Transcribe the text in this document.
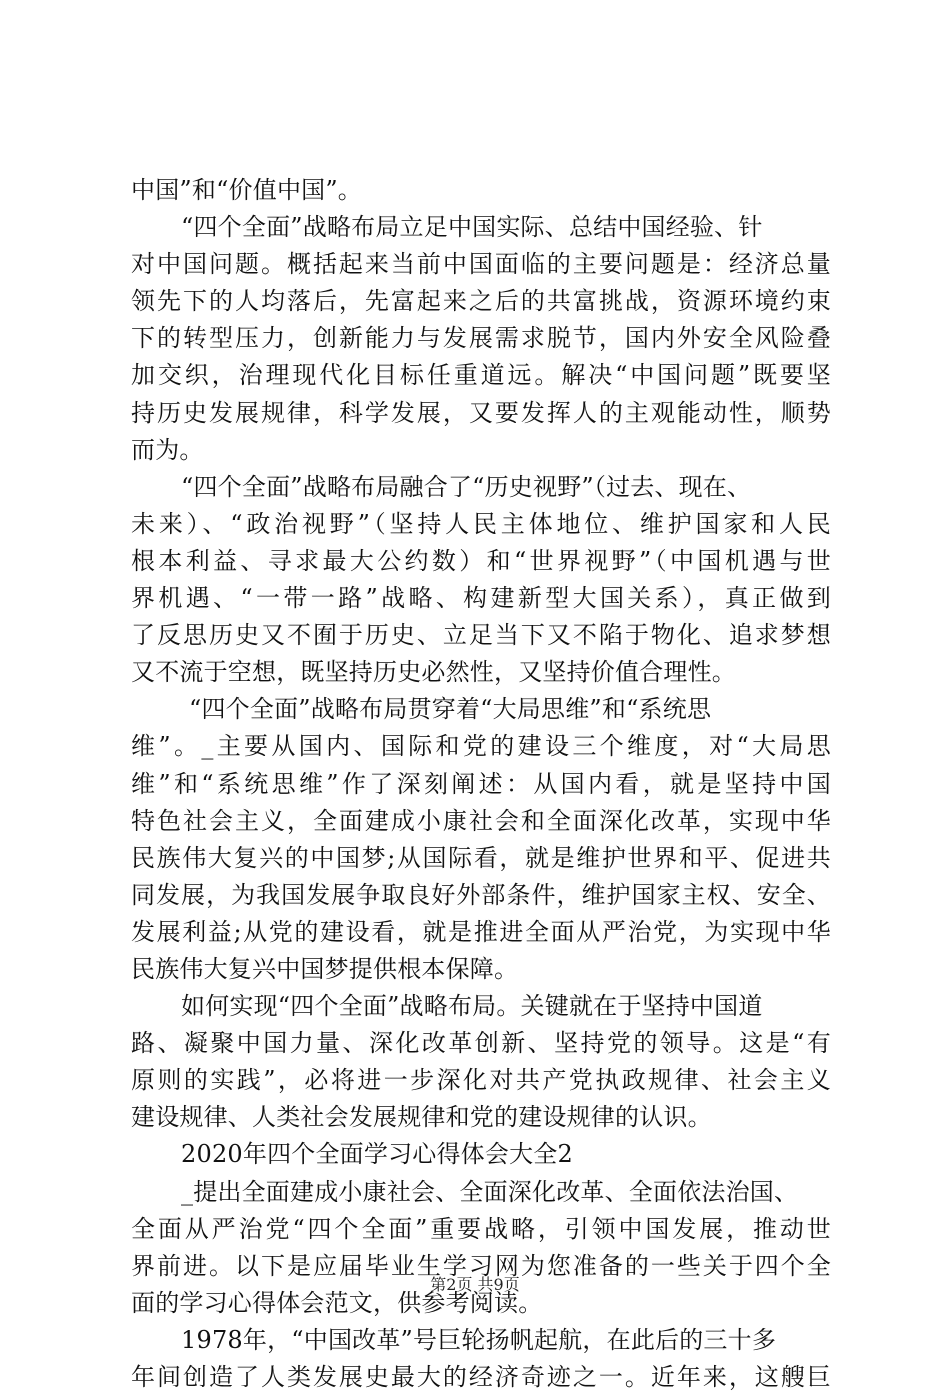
中国”和“价值中国”。
“四个全面”战略布局立足中国实际、总结中国经验、针
对中国问题。概括起来当前中国面临的主要问题是：经济总量
领先下的人均落后，先富起来之后的共富挑战，资源环境约束
下的转型压力，创新能力与发展需求脱节，国内外安全风险叠
加交织，治理现代化目标任重道远。解决“中国问题”既要坚
持历史发展规律，科学发展，又要发挥人的主观能动性，顺势
而为。
“四个全面”战略布局融合了“历史视野”（过去、现在、
未来）、“政治视野”（坚持人民主体地位、维护国家和人民
根本利益、寻求最大公约数）和“世界视野”（中国机遇与世
界机遇、“一带一路”战略、构建新型大国关系），真正做到
了反思历史又不囿于历史、立足当下又不陷于物化、追求梦想
又不流于空想，既坚持历史必然性，又坚持价值合理性。
“四个全面”战略布局贯穿着“大局思维”和“系统思
维”。_主要从国内、国际和党的建设三个维度，对“大局思
维”和“系统思维”作了深刻阐述：从国内看，就是坚持中国
特色社会主义，全面建成小康社会和全面深化改革，实现中华
民族伟大复兴的中国梦;从国际看，就是维护世界和平、促进共
同发展，为我国发展争取良好外部条件，维护国家主权、安全、
发展利益;从党的建设看，就是推进全面从严治党，为实现中华
民族伟大复兴中国梦提供根本保障。
如何实现“四个全面”战略布局。关键就在于坚持中国道
路、凝聚中国力量、深化改革创新、坚持党的领导。这是“有
原则的实践”，必将进一步深化对共产党执政规律、社会主义
建设规律、人类社会发展规律和党的建设规律的认识。
2020年四个全面学习心得体会大全2
_提出全面建成小康社会、全面深化改革、全面依法治国、
全面从严治党“四个全面”重要战略，引领中国发展，推动世
界前进。以下是应届毕业生学习网为您准备的一些关于四个全
面的学习心得体会范文，供参考阅读。
1978年，“中国改革”号巨轮扬帆起航，在此后的三十多
年间创造了人类发展史最大的经济奇迹之一。近年来，这艘巨
第2页 共9页
